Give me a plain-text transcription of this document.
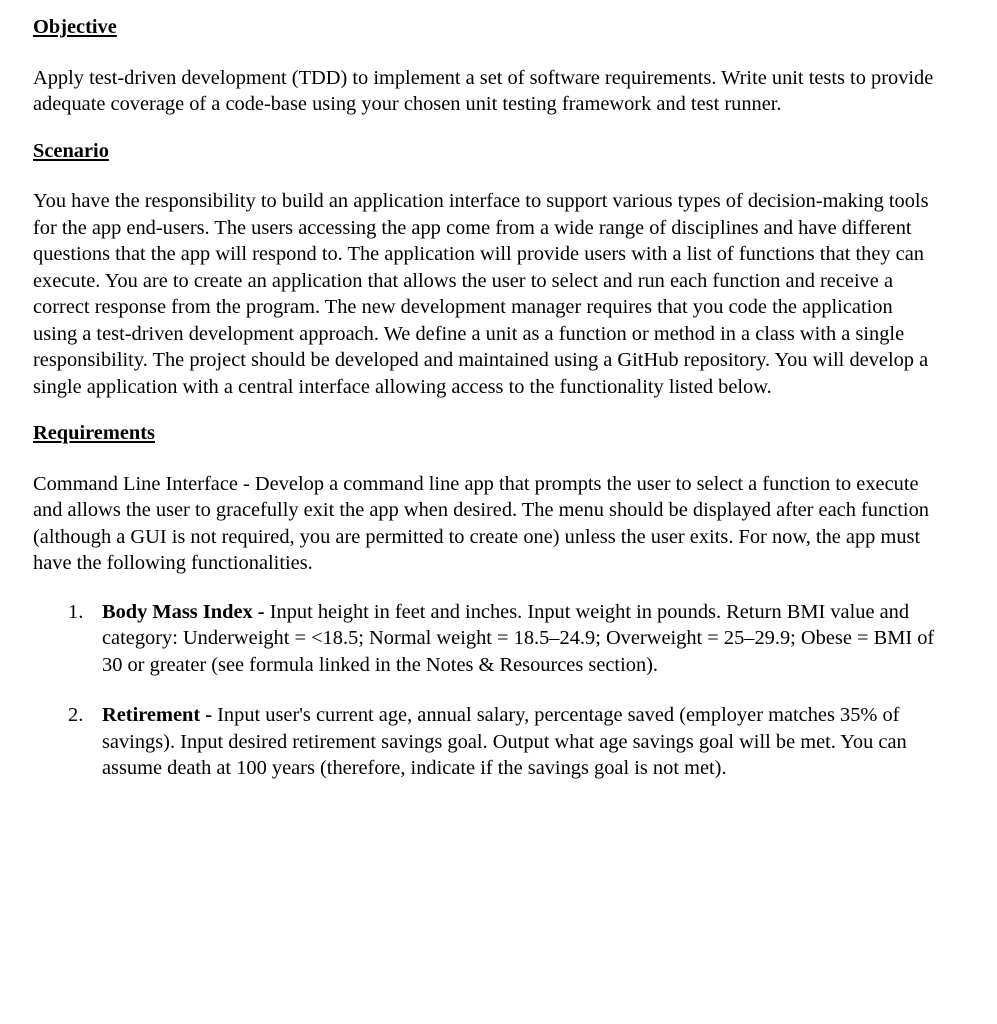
Objective

Apply test-driven development (TDD) to implement a set of software requirements. Write unit tests to provide adequate coverage of a code-base using your chosen unit testing framework and test runner.

Scenario

You have the responsibility to build an application interface to support various types of decision-making tools for the app end-users. The users accessing the app come from a wide range of disciplines and have different questions that the app will respond to. The application will provide users with a list of functions that they can execute. You are to create an application that allows the user to select and run each function and receive a correct response from the program. The new development manager requires that you code the application using a test-driven development approach. We define a unit as a function or method in a class with a single responsibility. The project should be developed and maintained using a GitHub repository. You will develop a single application with a central interface allowing access to the functionality listed below.

Requirements

Command Line Interface - Develop a command line app that prompts the user to select a function to execute and allows the user to gracefully exit the app when desired. The menu should be displayed after each function (although a GUI is not required, you are permitted to create one) unless the user exits. For now, the app must have the following functionalities.

1. Body Mass Index - Input height in feet and inches. Input weight in pounds. Return BMI value and category: Underweight = <18.5; Normal weight = 18.5–24.9; Overweight = 25–29.9; Obese = BMI of 30 or greater (see formula linked in the Notes & Resources section).
2. Retirement - Input user's current age, annual salary, percentage saved (employer matches 35% of savings). Input desired retirement savings goal. Output what age savings goal will be met. You can assume death at 100 years (therefore, indicate if the savings goal is not met).
